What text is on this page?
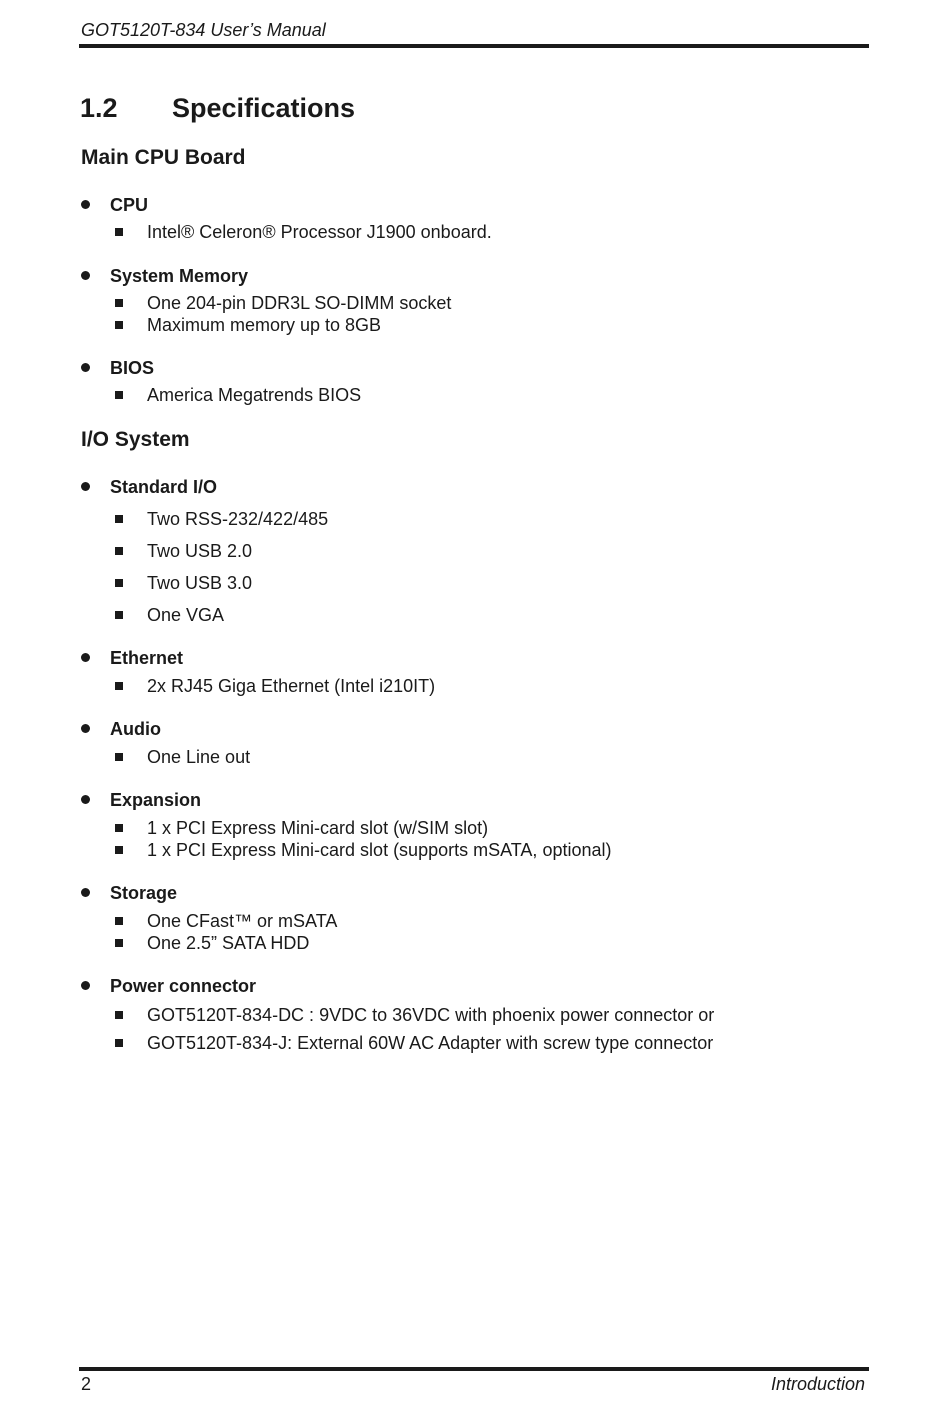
GOT5120T-834 User’s Manual
1.2 Specifications
Main CPU Board
CPU
Intel® Celeron® Processor J1900 onboard.
System Memory
One 204-pin DDR3L SO-DIMM socket
Maximum memory up to 8GB
BIOS
America Megatrends BIOS
I/O System
Standard I/O
Two RSS-232/422/485
Two USB 2.0
Two USB 3.0
One VGA
Ethernet
2x RJ45 Giga Ethernet (Intel i210IT)
Audio
One Line out
Expansion
1 x PCI Express Mini-card slot (w/SIM slot)
1 x PCI Express Mini-card slot (supports mSATA, optional)
Storage
One CFast™ or mSATA
One 2.5” SATA HDD
Power connector
GOT5120T-834-DC : 9VDC to 36VDC with phoenix power connector or
GOT5120T-834-J: External 60W AC Adapter with screw type connector
2	Introduction
